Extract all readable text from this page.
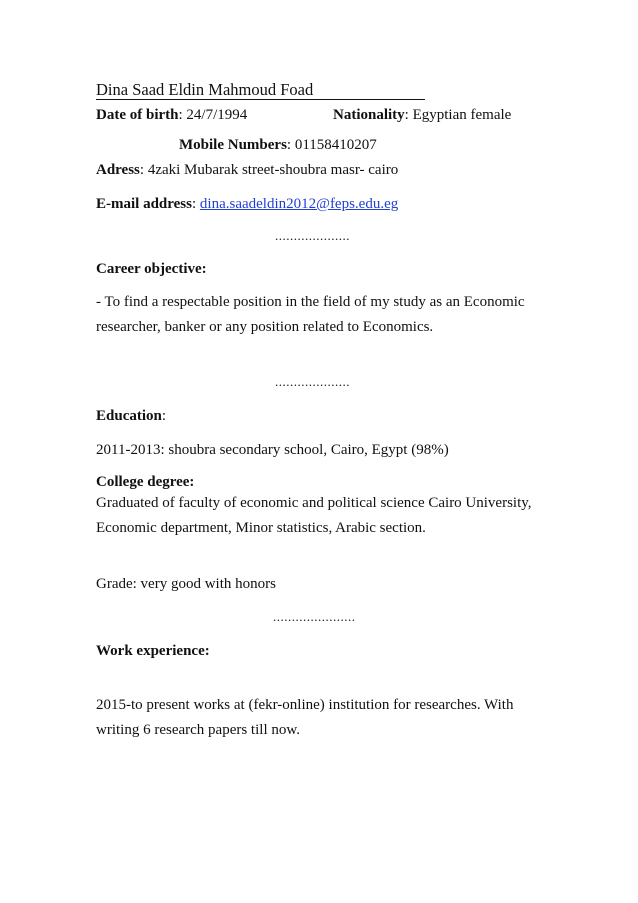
Dina Saad Eldin Mahmoud Foad
Date of birth: 24/7/1994	Nationality: Egyptian female
Mobile Numbers: 01158410207
Adress: 4zaki Mubarak street-shoubra masr- cairo
E-mail address: dina.saadeldin2012@feps.edu.eg
....................
Career objective:
- To find a respectable position in the field of my study as an Economic researcher, banker or any position related to Economics.
....................
Education:
2011-2013: shoubra secondary school, Cairo, Egypt (98%)
College degree:
Graduated of faculty of economic and political science Cairo University, Economic department, Minor statistics, Arabic section.
Grade: very good with honors
......................
Work experience:
2015-to present works at (fekr-online) institution for researches. With writing 6 research papers till now.
